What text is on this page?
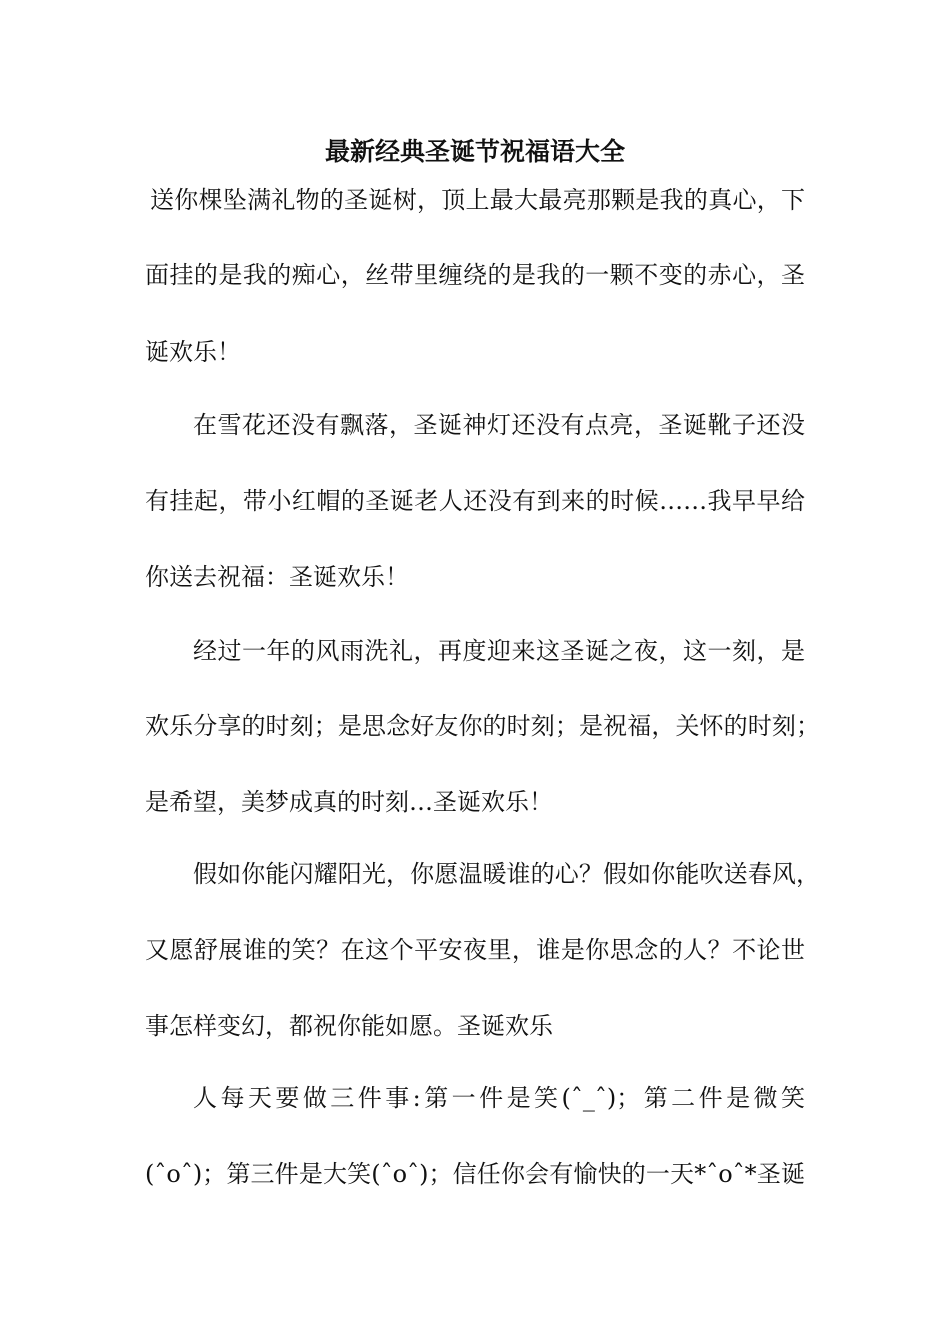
最新经典圣诞节祝福语大全

送你棵坠满礼物的圣诞树，顶上最大最亮那颗是我的真心，下

面挂的是我的痴心，丝带里缠绕的是我的一颗不变的赤心，圣

诞欢乐！

在雪花还没有飘落，圣诞神灯还没有点亮，圣诞靴子还没

有挂起，带小红帽的圣诞老人还没有到来的时候……我早早给

你送去祝福：圣诞欢乐！

经过一年的风雨洗礼，再度迎来这圣诞之夜，这一刻，是

欢乐分享的时刻；是思念好友你的时刻；是祝福，关怀的时刻；

是希望，美梦成真的时刻…圣诞欢乐！

假如你能闪耀阳光，你愿温暖谁的心？假如你能吹送春风，

又愿舒展谁的笑？在这个平安夜里，谁是你思念的人？不论世

事怎样变幻，都祝你能如愿。圣诞欢乐

人每天要做三件事:第一件是笑(ˆ_ˆ)；第二件是微笑

(ˆoˆ)；第三件是大笑(ˆoˆ)；信任你会有愉快的一天*ˆoˆ*圣诞
